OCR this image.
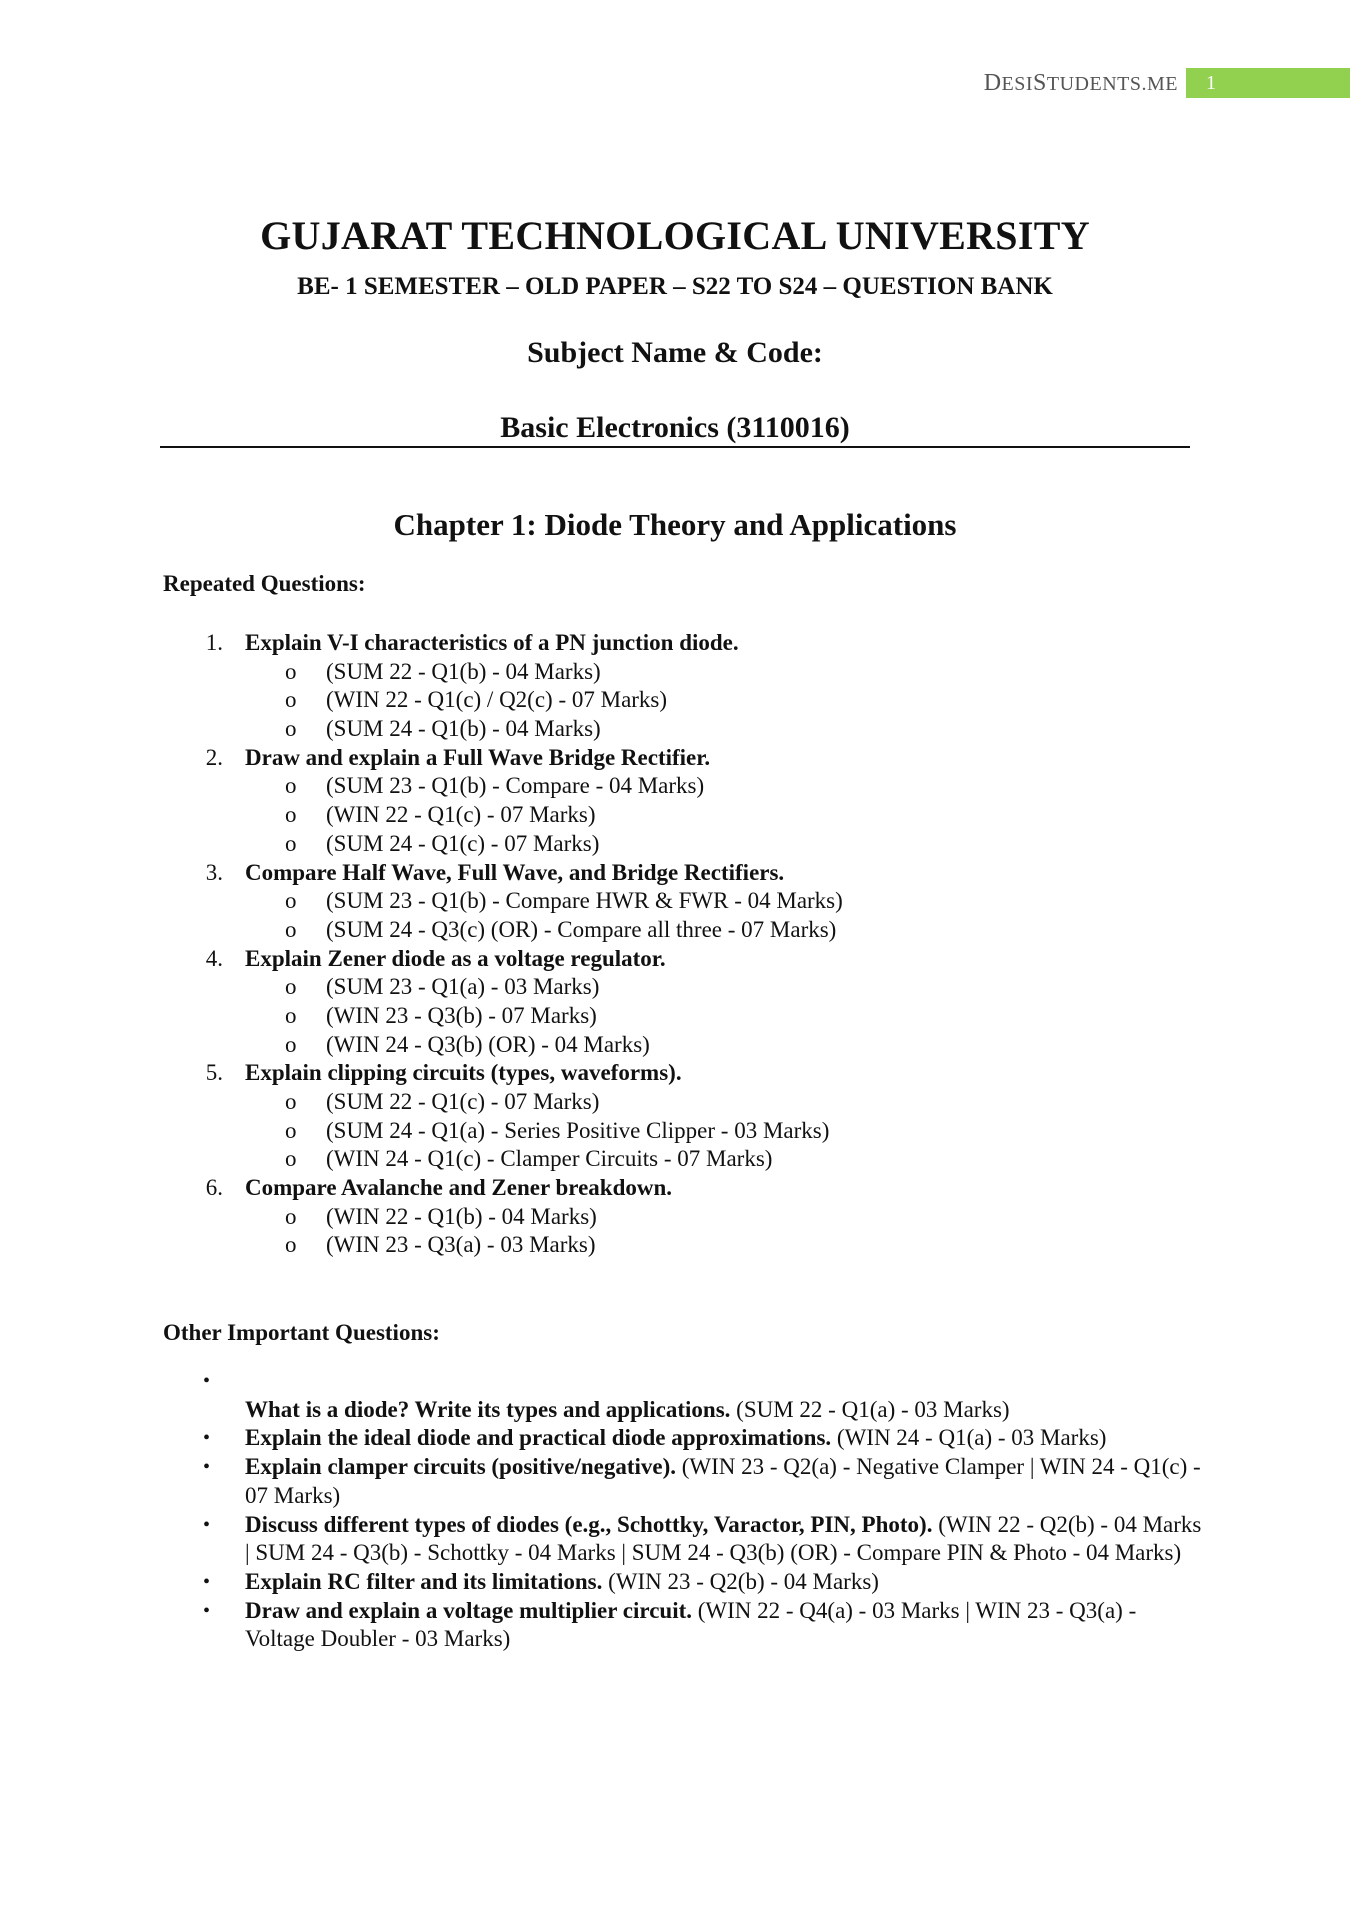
DESISTUDENTS.ME	1
GUJARAT TECHNOLOGICAL UNIVERSITY
BE- 1 SEMESTER – OLD PAPER – S22 TO S24 – QUESTION BANK
Subject Name & Code:
Basic Electronics (3110016)
Chapter 1: Diode Theory and Applications
Repeated Questions:
1. Explain V-I characteristics of a PN junction diode.
o (SUM 22 - Q1(b) - 04 Marks)
o (WIN 22 - Q1(c) / Q2(c) - 07 Marks)
o (SUM 24 - Q1(b) - 04 Marks)
2. Draw and explain a Full Wave Bridge Rectifier.
o (SUM 23 - Q1(b) - Compare - 04 Marks)
o (WIN 22 - Q1(c) - 07 Marks)
o (SUM 24 - Q1(c) - 07 Marks)
3. Compare Half Wave, Full Wave, and Bridge Rectifiers.
o (SUM 23 - Q1(b) - Compare HWR & FWR - 04 Marks)
o (SUM 24 - Q3(c) (OR) - Compare all three - 07 Marks)
4. Explain Zener diode as a voltage regulator.
o (SUM 23 - Q1(a) - 03 Marks)
o (WIN 23 - Q3(b) - 07 Marks)
o (WIN 24 - Q3(b) (OR) - 04 Marks)
5. Explain clipping circuits (types, waveforms).
o (SUM 22 - Q1(c) - 07 Marks)
o (SUM 24 - Q1(a) - Series Positive Clipper - 03 Marks)
o (WIN 24 - Q1(c) - Clamper Circuits - 07 Marks)
6. Compare Avalanche and Zener breakdown.
o (WIN 22 - Q1(b) - 04 Marks)
o (WIN 23 - Q3(a) - 03 Marks)
Other Important Questions:
•
What is a diode? Write its types and applications. (SUM 22 - Q1(a) - 03 Marks)
• Explain the ideal diode and practical diode approximations. (WIN 24 - Q1(a) - 03 Marks)
• Explain clamper circuits (positive/negative). (WIN 23 - Q2(a) - Negative Clamper | WIN 24 - Q1(c) - 07 Marks)
• Discuss different types of diodes (e.g., Schottky, Varactor, PIN, Photo). (WIN 22 - Q2(b) - 04 Marks | SUM 24 - Q3(b) - Schottky - 04 Marks | SUM 24 - Q3(b) (OR) - Compare PIN & Photo - 04 Marks)
• Explain RC filter and its limitations. (WIN 23 - Q2(b) - 04 Marks)
• Draw and explain a voltage multiplier circuit. (WIN 22 - Q4(a) - 03 Marks | WIN 23 - Q3(a) - Voltage Doubler - 03 Marks)
